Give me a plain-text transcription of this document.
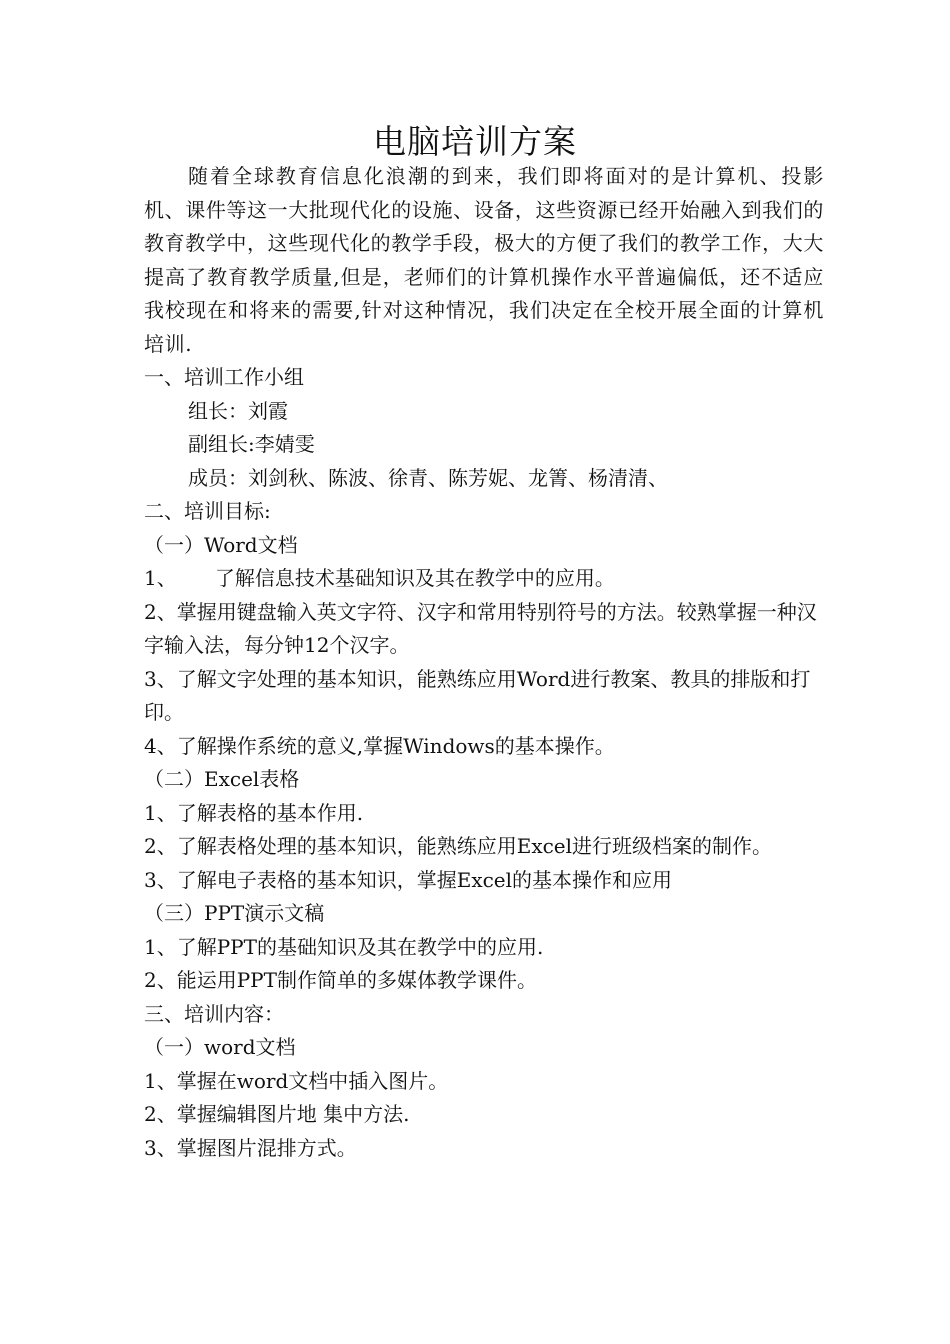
电脑培训方案

随着全球教育信息化浪潮的到来，我们即将面对的是计算机、投影机、课件等这一大批现代化的设施、设备，这些资源已经开始融入到我们的教育教学中，这些现代化的教学手段，极大的方便了我们的教学工作，大大提高了教育教学质量,但是，老师们的计算机操作水平普遍偏低，还不适应我校现在和将来的需要,针对这种情况，我们决定在全校开展全面的计算机培训.

一、培训工作小组

组长：刘霞

副组长:李婧雯

成员：刘剑秋、陈波、徐青、陈芳妮、龙箐、杨清清、

二、培训目标:

（一）Word文档

1、      了解信息技术基础知识及其在教学中的应用。

2、掌握用键盘输入英文字符、汉字和常用特别符号的方法。较熟掌握一种汉字输入法，每分钟12个汉字。

3、了解文字处理的基本知识，能熟练应用Word进行教案、教具的排版和打印。

4、了解操作系统的意义,掌握Windows的基本操作。

（二）Excel表格

1、了解表格的基本作用.

2、了解表格处理的基本知识，能熟练应用Excel进行班级档案的制作。

3、了解电子表格的基本知识，掌握Excel的基本操作和应用

（三）PPT演示文稿

1、了解PPT的基础知识及其在教学中的应用.

2、能运用PPT制作简单的多媒体教学课件。

三、培训内容：

（一）word文档

1、掌握在word文档中插入图片。

2、掌握编辑图片地 集中方法.

3、掌握图片混排方式。
